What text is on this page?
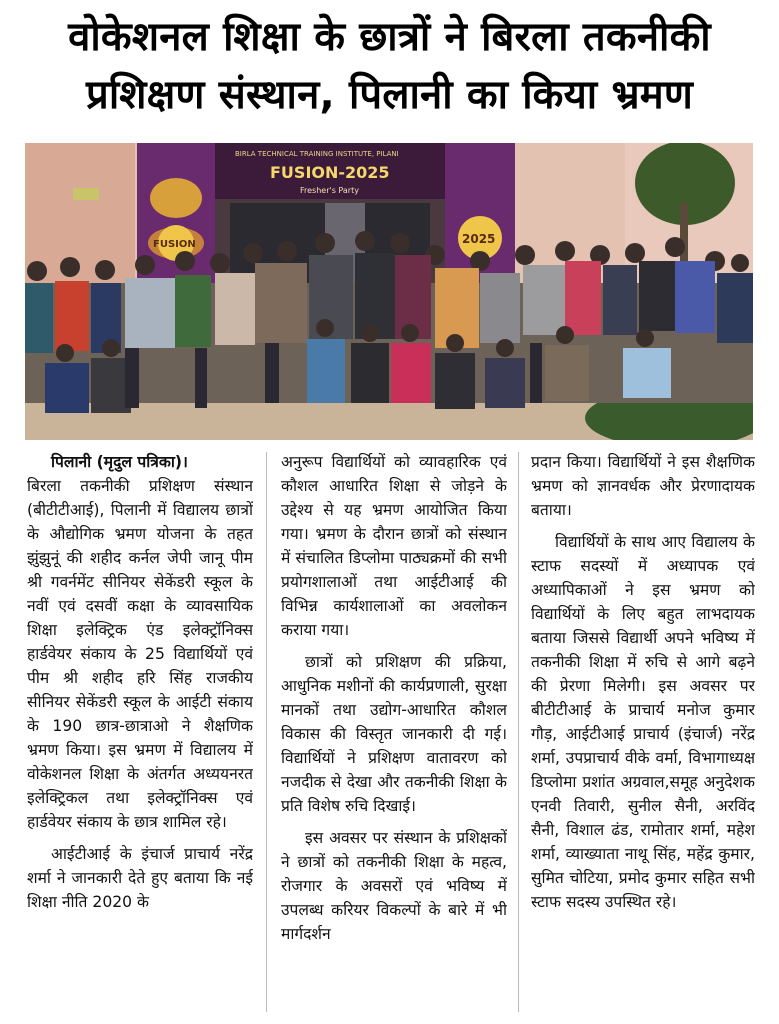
वोकेशनल शिक्षा के छात्रों ने बिरला तकनीकी
प्रशिक्षण संस्थान, पिलानी का किया भ्रमण
FUSION
BIRLA TECHNICAL TRAINING INSTITUTE, PILANI
FUSION-2025
Fresher's Party
2025

पिलानी (मृदुल पत्रिका)।

बिरला तकनीकी प्रशिक्षण संस्थान (बीटीटीआई), पिलानी में विद्यालय छात्रों के औद्योगिक भ्रमण योजना के तहत झुंझुनूं की शहीद कर्नल जेपी जानू पीम श्री गवर्नमेंट सीनियर सेकेंडरी स्कूल के नवीं एवं दसवीं कक्षा के व्यावसायिक शिक्षा इलेक्ट्रिक एंड इलेक्ट्रॉनिक्स हार्डवेयर संकाय के 25 विद्यार्थियों एवं पीम श्री शहीद हरि सिंह राजकीय सीनियर सेकेंडरी स्कूल के आईटी संकाय के 190 छात्र-छात्राओ ने शैक्षणिक भ्रमण किया। इस भ्रमण में विद्यालय में वोकेशनल शिक्षा के अंतर्गत अध्ययनरत इलेक्ट्रिकल तथा इलेक्ट्रॉनिक्स एवं हार्डवेयर संकाय के छात्र शामिल रहे।

आईटीआई के इंचार्ज प्राचार्य नरेंद्र शर्मा ने जानकारी देते हुए बताया कि नई शिक्षा नीति 2020 के

अनुरूप विद्यार्थियों को व्यावहारिक एवं कौशल आधारित शिक्षा से जोड़ने के उद्देश्य से यह भ्रमण आयोजित किया गया। भ्रमण के दौरान छात्रों को संस्थान में संचालित डिप्लोमा पाठ्यक्रमों की सभी प्रयोगशालाओं तथा आईटीआई की विभिन्न कार्यशालाओं का अवलोकन कराया गया।

छात्रों को प्रशिक्षण की प्रक्रिया, आधुनिक मशीनों की कार्यप्रणाली, सुरक्षा मानकों तथा उद्योग-आधारित कौशल विकास की विस्तृत जानकारी दी गई। विद्यार्थियों ने प्रशिक्षण वातावरण को नजदीक से देखा और तकनीकी शिक्षा के प्रति विशेष रुचि दिखाई।

इस अवसर पर संस्थान के प्रशिक्षकों ने छात्रों को तकनीकी शिक्षा के महत्व, रोजगार के अवसरों एवं भविष्य में उपलब्ध करियर विकल्पों के बारे में भी मार्गदर्शन

प्रदान किया। विद्यार्थियों ने इस शैक्षणिक भ्रमण को ज्ञानवर्धक और प्रेरणादायक बताया।

विद्यार्थियों के साथ आए विद्यालय के स्टाफ सदस्यों में अध्यापक एवं अध्यापिकाओं ने इस भ्रमण को विद्यार्थियों के लिए बहुत लाभदायक बताया जिससे विद्यार्थी अपने भविष्य में तकनीकी शिक्षा में रुचि से आगे बढ़ने की प्रेरणा मिलेगी। इस अवसर पर बीटीटीआई के प्राचार्य मनोज कुमार गौड़, आईटीआई प्राचार्य (इंचार्ज) नरेंद्र शर्मा, उपप्राचार्य वीके वर्मा, विभागाध्यक्ष डिप्लोमा प्रशांत अग्रवाल,समूह अनुदेशक एनवी तिवारी, सुनील सैनी, अरविंद सैनी, विशाल ढंड, रामोतार शर्मा, महेश शर्मा, व्याख्याता नाथू सिंह, महेंद्र कुमार, सुमित चोटिया, प्रमोद कुमार सहित सभी स्टाफ सदस्य उपस्थित रहे।
